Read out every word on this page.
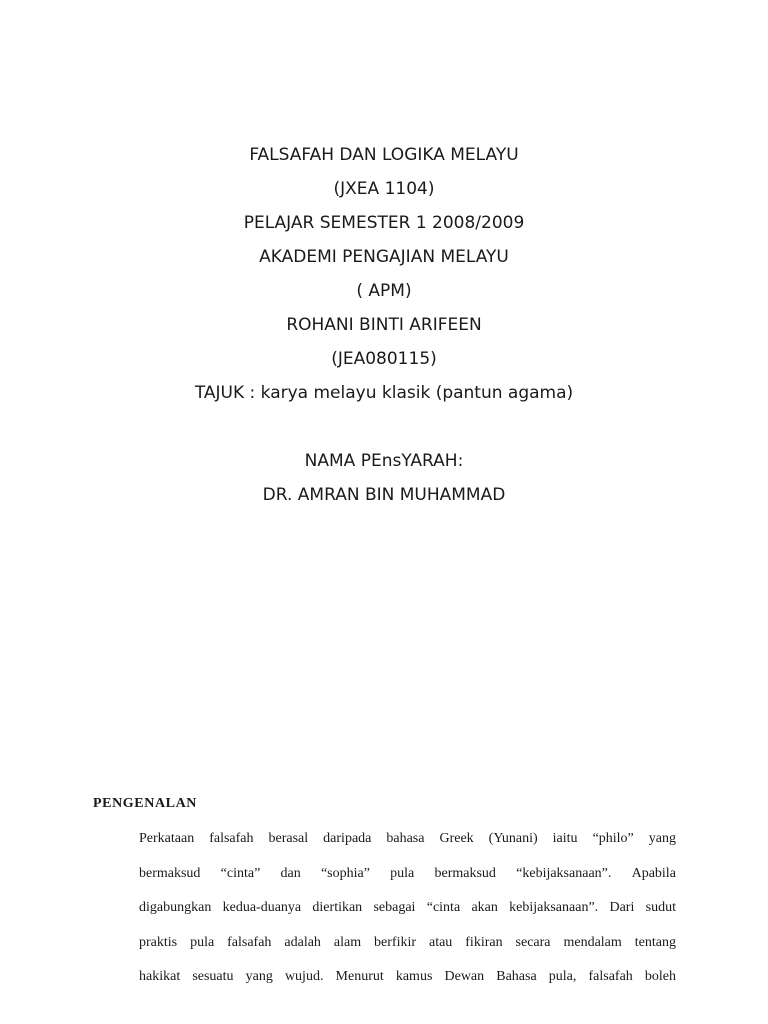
FALSAFAH DAN LOGIKA MELAYU
(JXEA 1104)
PELAJAR SEMESTER 1 2008/2009
AKADEMI PENGAJIAN MELAYU
( APM)
ROHANI BINTI ARIFEEN
(JEA080115)
TAJUK : karya melayu klasik (pantun agama)
NAMA PEnsYARAH:
DR. AMRAN BIN MUHAMMAD
PENGENALAN
Perkataan falsafah berasal daripada bahasa Greek (Yunani) iaitu “philo” yang
bermaksud “cinta” dan “sophia” pula bermaksud “kebijaksanaan”. Apabila
digabungkan kedua-duanya diertikan sebagai “cinta akan kebijaksanaan”. Dari sudut
praktis pula falsafah adalah alam berfikir atau fikiran secara mendalam tentang
hakikat sesuatu yang wujud. Menurut kamus Dewan Bahasa pula, falsafah boleh
